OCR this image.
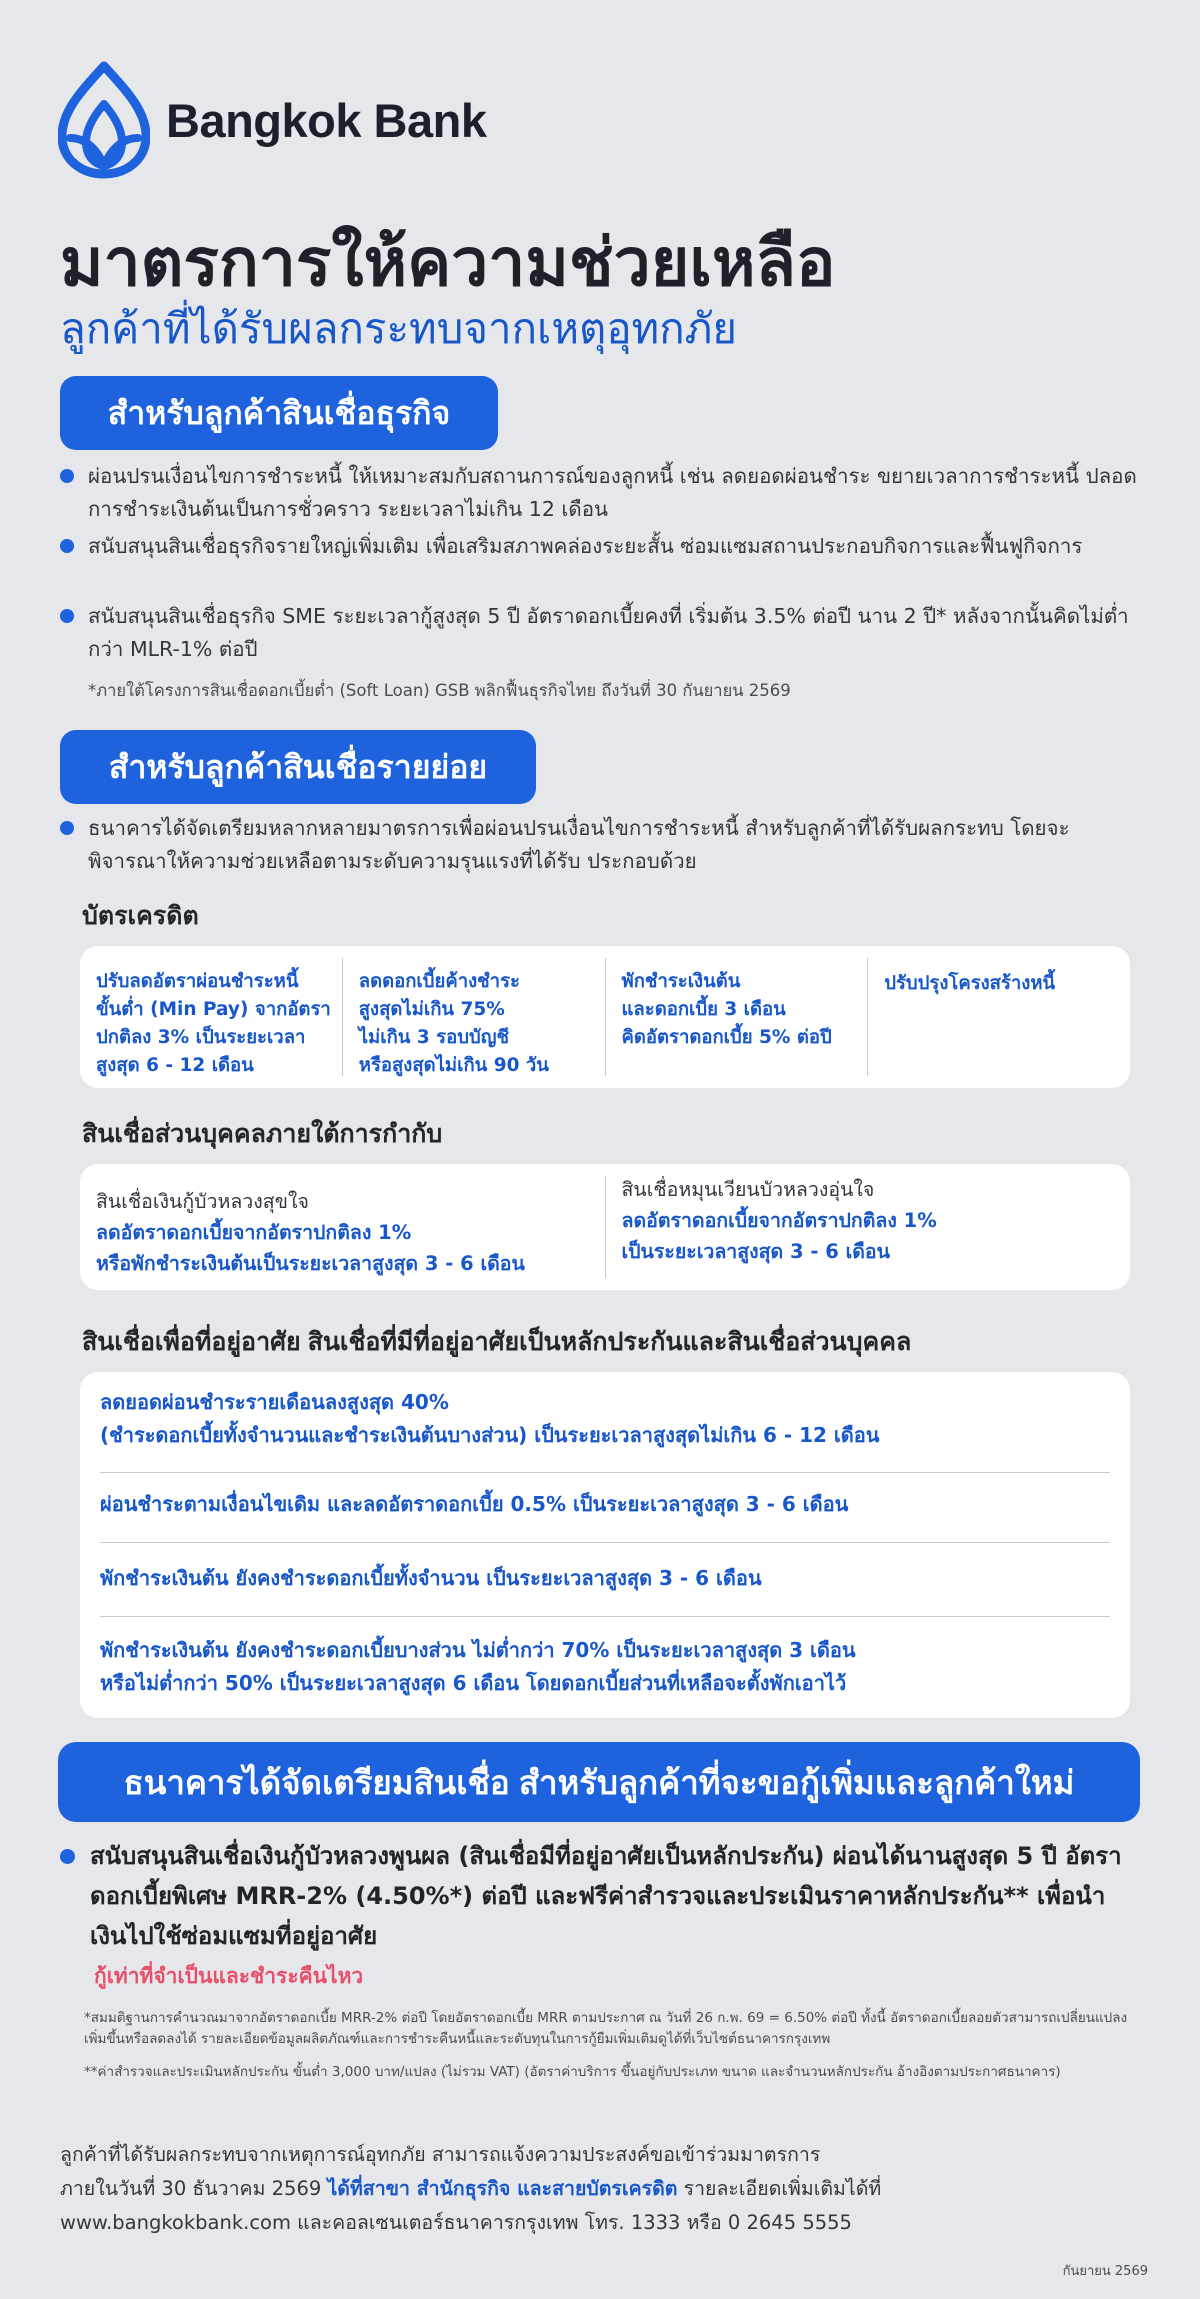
Bangkok Bank
มาตรการให้ความช่วยเหลือ
ลูกค้าที่ได้รับผลกระทบจากเหตุอุทกภัย
สำหรับลูกค้าสินเชื่อธุรกิจ
ผ่อนปรนเงื่อนไขการชำระหนี้ ให้เหมาะสมกับสถานการณ์ของลูกหนี้ เช่น ลดยอดผ่อนชำระ ขยายเวลาการชำระหนี้ ปลอดการชำระเงินต้นเป็นการชั่วคราว ระยะเวลาไม่เกิน 12 เดือน
สนับสนุนสินเชื่อธุรกิจรายใหญ่เพิ่มเติม เพื่อเสริมสภาพคล่องระยะสั้น ซ่อมแซมสถานประกอบกิจการและฟื้นฟูกิจการ
สนับสนุนสินเชื่อธุรกิจ SME ระยะเวลากู้สูงสุด 5 ปี อัตราดอกเบี้ยคงที่ เริ่มต้น 3.5% ต่อปี นาน 2 ปี* หลังจากนั้นคิดไม่ต่ำกว่า MLR-1% ต่อปี
*ภายใต้โครงการสินเชื่อดอกเบี้ยต่ำ (Soft Loan) GSB พลิกฟื้นธุรกิจไทย ถึงวันที่ 30 กันยายน 2569
สำหรับลูกค้าสินเชื่อรายย่อย
ธนาคารได้จัดเตรียมหลากหลายมาตรการเพื่อผ่อนปรนเงื่อนไขการชำระหนี้ สำหรับลูกค้าที่ได้รับผลกระทบ โดยจะพิจารณาให้ความช่วยเหลือตามระดับความรุนแรงที่ได้รับ ประกอบด้วย
บัตรเครดิต
ปรับลดอัตราผ่อนชำระหนี้
ขั้นต่ำ (Min Pay) จากอัตรา
ปกติลง 3% เป็นระยะเวลา
สูงสุด 6 - 12 เดือน
ลดดอกเบี้ยค้างชำระ
สูงสุดไม่เกิน 75%
ไม่เกิน 3 รอบบัญชี
หรือสูงสุดไม่เกิน 90 วัน
พักชำระเงินต้น
และดอกเบี้ย 3 เดือน
คิดอัตราดอกเบี้ย 5% ต่อปี
ปรับปรุงโครงสร้างหนี้
สินเชื่อส่วนบุคคลภายใต้การกำกับ
สินเชื่อเงินกู้บัวหลวงสุขใจ
ลดอัตราดอกเบี้ยจากอัตราปกติลง 1%
หรือพักชำระเงินต้นเป็นระยะเวลาสูงสุด 3 - 6 เดือน
สินเชื่อหมุนเวียนบัวหลวงอุ่นใจ
ลดอัตราดอกเบี้ยจากอัตราปกติลง 1%
เป็นระยะเวลาสูงสุด 3 - 6 เดือน
สินเชื่อเพื่อที่อยู่อาศัย สินเชื่อที่มีที่อยู่อาศัยเป็นหลักประกันและสินเชื่อส่วนบุคคล
ลดยอดผ่อนชำระรายเดือนลงสูงสุด 40%
(ชำระดอกเบี้ยทั้งจำนวนและชำระเงินต้นบางส่วน) เป็นระยะเวลาสูงสุดไม่เกิน 6 - 12 เดือน
ผ่อนชำระตามเงื่อนไขเดิม และลดอัตราดอกเบี้ย 0.5% เป็นระยะเวลาสูงสุด 3 - 6 เดือน
พักชำระเงินต้น ยังคงชำระดอกเบี้ยทั้งจำนวน เป็นระยะเวลาสูงสุด 3 - 6 เดือน
พักชำระเงินต้น ยังคงชำระดอกเบี้ยบางส่วน ไม่ต่ำกว่า 70% เป็นระยะเวลาสูงสุด 3 เดือน
หรือไม่ต่ำกว่า 50% เป็นระยะเวลาสูงสุด 6 เดือน โดยดอกเบี้ยส่วนที่เหลือจะตั้งพักเอาไว้
ธนาคารได้จัดเตรียมสินเชื่อ สำหรับลูกค้าที่จะขอกู้เพิ่มและลูกค้าใหม่
สนับสนุนสินเชื่อเงินกู้บัวหลวงพูนผล (สินเชื่อมีที่อยู่อาศัยเป็นหลักประกัน) ผ่อนได้นานสูงสุด 5 ปี อัตราดอกเบี้ยพิเศษ MRR-2% (4.50%*) ต่อปี และฟรีค่าสำรวจและประเมินราคาหลักประกัน** เพื่อนำเงินไปใช้ซ่อมแซมที่อยู่อาศัย
กู้เท่าที่จำเป็นและชำระคืนไหว
*สมมติฐานการคำนวณมาจากอัตราดอกเบี้ย MRR-2% ต่อปี โดยอัตราดอกเบี้ย MRR ตามประกาศ ณ วันที่ 26 ก.พ. 69 = 6.50% ต่อปี ทั้งนี้ อัตราดอกเบี้ยลอยตัวสามารถเปลี่ยนแปลงเพิ่มขึ้นหรือลดลงได้ รายละเอียดข้อมูลผลิตภัณฑ์และการชำระคืนหนี้และระดับทุนในการกู้ยืมเพิ่มเติมดูได้ที่เว็บไซต์ธนาคารกรุงเทพ
**ค่าสำรวจและประเมินหลักประกัน ขั้นต่ำ 3,000 บาท/แปลง (ไม่รวม VAT) (อัตราค่าบริการ ขึ้นอยู่กับประเภท ขนาด และจำนวนหลักประกัน อ้างอิงตามประกาศธนาคาร)
ลูกค้าที่ได้รับผลกระทบจากเหตุการณ์อุทกภัย สามารถแจ้งความประสงค์ขอเข้าร่วมมาตรการ
ภายในวันที่ 30 ธันวาคม 2569 ได้ที่สาขา สำนักธุรกิจ และสายบัตรเครดิต รายละเอียดเพิ่มเติมได้ที่
www.bangkokbank.com และคอลเซนเตอร์ธนาคารกรุงเทพ โทร. 1333 หรือ 0 2645 5555
กันยายน 2569
